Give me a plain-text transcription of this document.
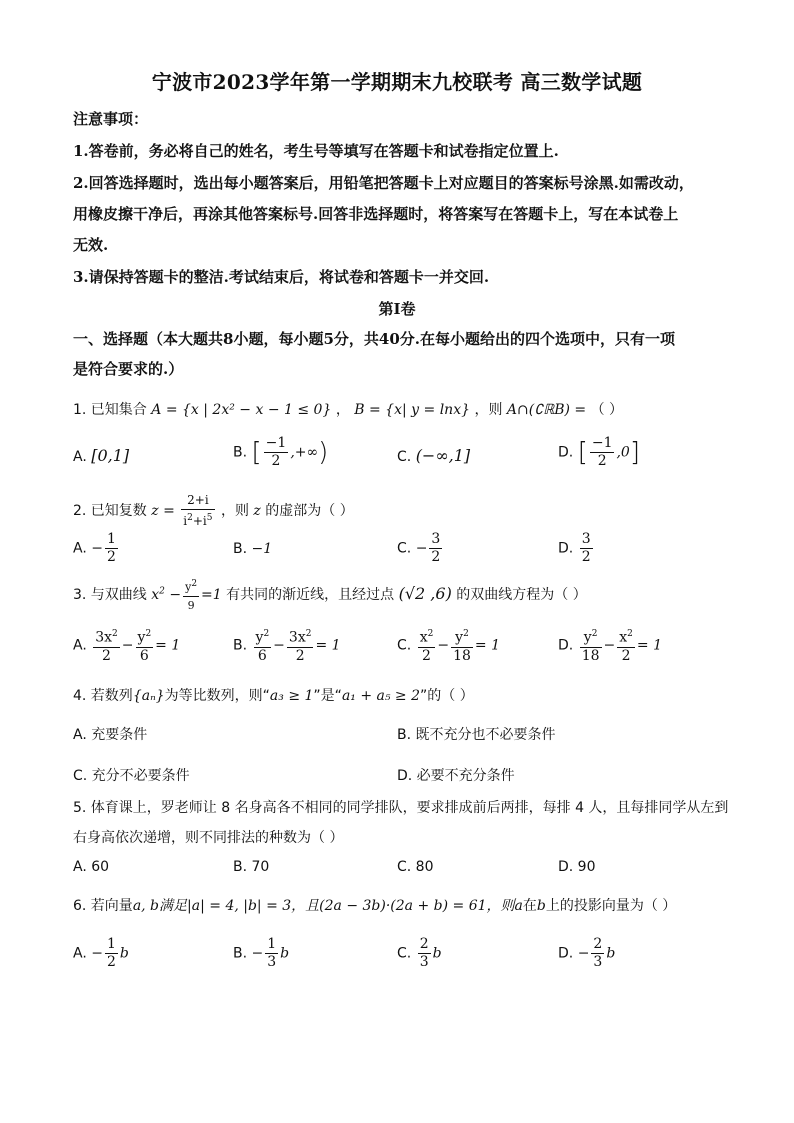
宁波市2023学年第一学期期末九校联考 高三数学试题
注意事项：
1.答卷前，务必将自己的姓名，考生号等填写在答题卡和试卷指定位置上.
2.回答选择题时，选出每小题答案后，用铅笔把答题卡上对应题目的答案标号涂黑.如需改动，
用橡皮擦干净后，再涂其他答案标号.回答非选择题时，将答案写在答题卡上，写在本试卷上
无效.
3.请保持答题卡的整洁.考试结束后，将试卷和答题卡一并交回.
第Ⅰ卷
一、选择题（本大题共8小题，每小题5分，共40分.在每小题给出的四个选项中，只有一项
是符合要求的.）
1. 已知集合 A = {x | 2x² − x − 1 ≤ 0} ， B = {x| y = lnx} ，则 A∩(∁ℝB) = （ ）
A. [0,1]	B. [ $\frac{-1}{2}$ ,+∞)	C. (−∞,1]	D. [ $\frac{-1}{2} ,0$]
2. 已知复数 $z = \frac{2+i}{i^2+i^5}$ ，则 z 的虚部为（ ）
A. − $\frac{1}{2}$	B. −1	C. − $\frac{3}{2}$	D. $\frac{3}{2}$
3. 与双曲线 $x^2 - \frac{y^2}{9} =1$ 有共同的渐近线，且经过点 (√2 ,6) 的双曲线方程为（ ）
A. $\frac{3x^2}{2} - \frac{y^2}{6} = 1$	B. $\frac{y^2}{6} - \frac{3x^2}{2} = 1$	C. $\frac{x^2}{2} - \frac{y^2}{18} = 1$	D. $\frac{y^2}{18} - \frac{x^2}{2} = 1$
4. 若数列{aₙ}为等比数列，则“a₃ ≥ 1”是“a₁ + a₅ ≥ 2”的（ ）
A. 充要条件	B. 既不充分也不必要条件
C. 充分不必要条件	D. 必要不充分条件
5. 体育课上，罗老师让 8 名身高各不相同的同学排队，要求排成前后两排，每排 4 人，且每排同学从左到
右身高依次递增，则不同排法的种数为（ ）
A. 60	B. 70	C. 80	D. 90
6. 若向量a, b满足|a| = 4, |b| = 3，且(2a − 3b)·(2a + b) = 61，则a在b上的投影向量为（ ）
A. − $\frac{1}{2}$ b	B. − $\frac{1}{3}$ b	C. $\frac{2}{3}$ b	D. − $\frac{2}{3}$ b
